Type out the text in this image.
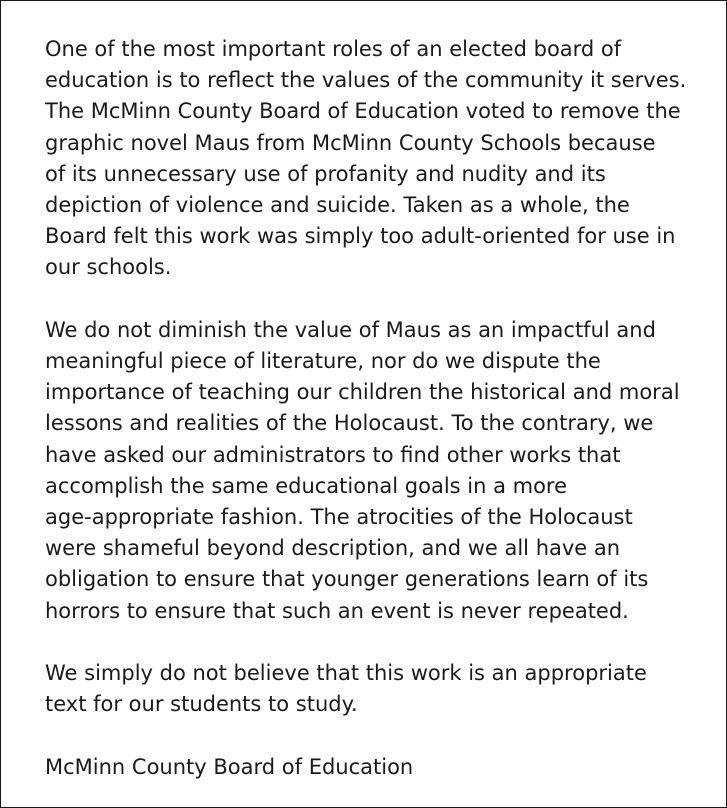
One of the most important roles of an elected board of
education is to reflect the values of the community it serves.
The McMinn County Board of Education voted to remove the
graphic novel Maus from McMinn County Schools because
of its unnecessary use of profanity and nudity and its
depiction of violence and suicide. Taken as a whole, the
Board felt this work was simply too adult-oriented for use in
our schools.
We do not diminish the value of Maus as an impactful and
meaningful piece of literature, nor do we dispute the
importance of teaching our children the historical and moral
lessons and realities of the Holocaust. To the contrary, we
have asked our administrators to find other works that
accomplish the same educational goals in a more
age-appropriate fashion. The atrocities of the Holocaust
were shameful beyond description, and we all have an
obligation to ensure that younger generations learn of its
horrors to ensure that such an event is never repeated.
We simply do not believe that this work is an appropriate
text for our students to study.
McMinn County Board of Education
